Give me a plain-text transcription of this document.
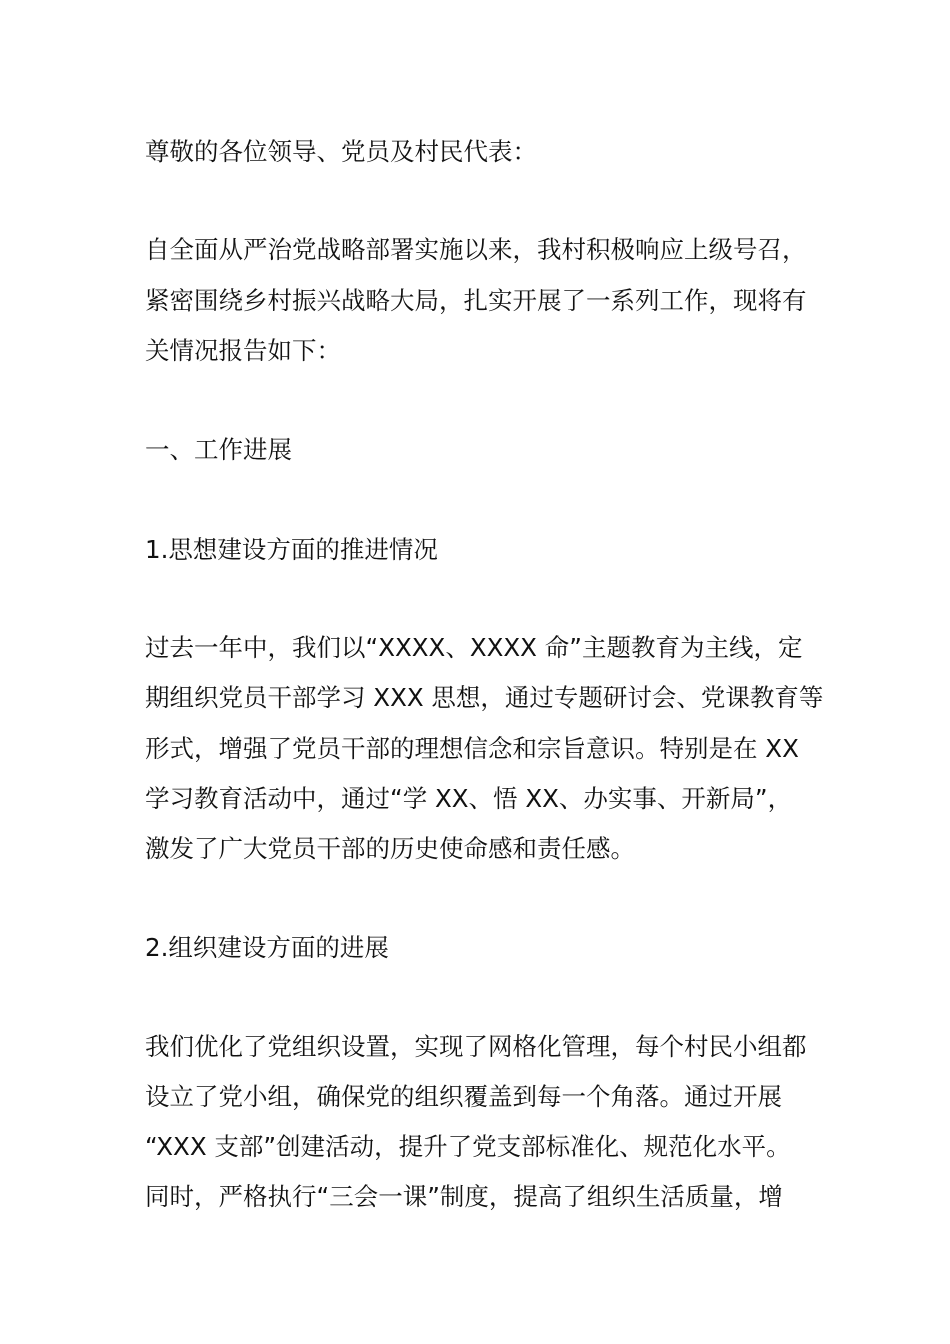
尊敬的各位领导、党员及村民代表：

自全面从严治党战略部署实施以来，我村积极响应上级号召，

紧密围绕乡村振兴战略大局，扎实开展了一系列工作，现将有

关情况报告如下：

一、工作进展

1.思想建设方面的推进情况

过去一年中，我们以“XXXX、XXXX 命”主题教育为主线，定

期组织党员干部学习 XXX 思想，通过专题研讨会、党课教育等

形式，增强了党员干部的理想信念和宗旨意识。特别是在 XX

学习教育活动中，通过“学 XX、悟 XX、办实事、开新局”，

激发了广大党员干部的历史使命感和责任感。

2.组织建设方面的进展

我们优化了党组织设置，实现了网格化管理，每个村民小组都

设立了党小组，确保党的组织覆盖到每一个角落。通过开展

“XXX 支部”创建活动，提升了党支部标准化、规范化水平。

同时，严格执行“三会一课”制度，提高了组织生活质量，增
